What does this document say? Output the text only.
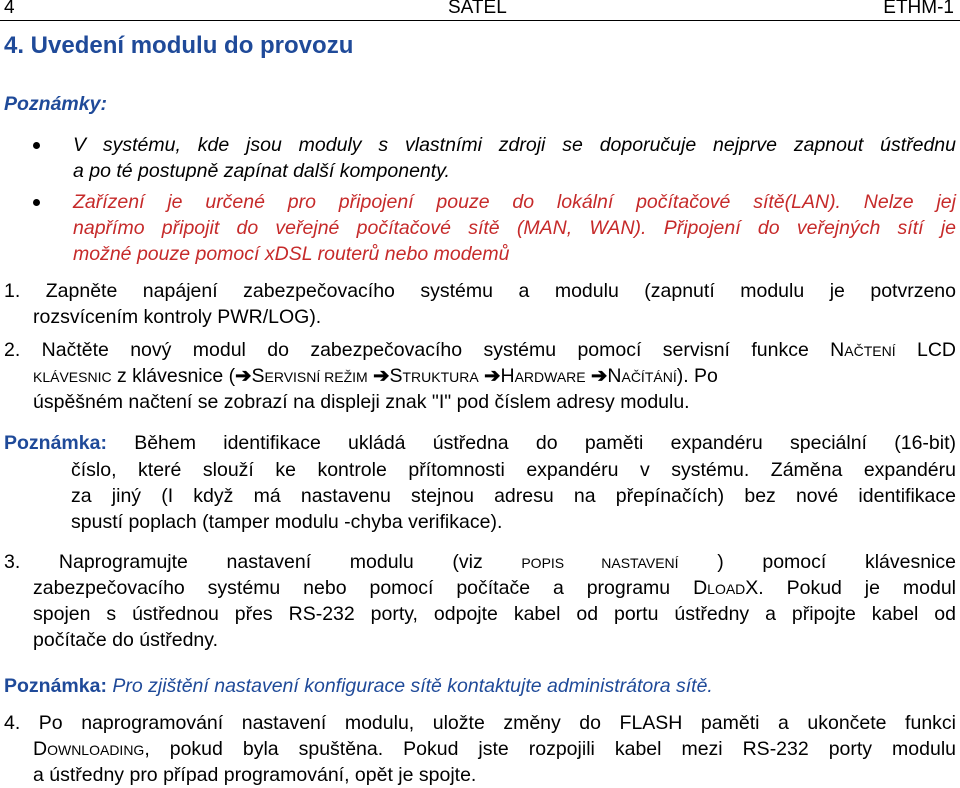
4	SATEL	ETHM-1
4. Uvedení modulu do provozu
Poznámky:
V systému, kde jsou moduly s vlastními zdroji se doporučuje nejprve zapnout ústřednu
a po té postupně zapínat další komponenty.
Zařízení je určené pro připojení pouze do lokální počítačové sítě(LAN). Nelze jej
napřímo připojit do veřejné počítačové sítě (MAN, WAN). Připojení do veřejných sítí je
možné pouze pomocí xDSL routerů nebo modemů
1. Zapněte napájení zabezpečovacího systému a modulu (zapnutí modulu je potvrzeno
rozsvícením kontroly PWR/LOG).
2. Načtěte nový modul do zabezpečovacího systému pomocí servisní funkce NAČTENÍ LCD
KLÁVESNIC z klávesnice (➔SERVISNÍ REŽIM ➔STRUKTURA ➔HARDWARE ➔NAČÍTÁNÍ). Po
úspěšném načtení se zobrazí na displeji znak "I" pod číslem adresy modulu.
Poznámka: Během identifikace ukládá ústředna do paměti expandéru speciální (16-bit)
číslo, které slouží ke kontrole přítomnosti expandéru v systému. Záměna expandéru
za jiný (I když má nastavenu stejnou adresu na přepínačích) bez nové identifikace
spustí poplach (tamper modulu -chyba verifikace).
3. Naprogramujte nastavení modulu (viz POPIS NASTAVENÍ ) pomocí klávesnice
zabezpečovacího systému nebo pomocí počítače a programu DLOADX. Pokud je modul
spojen s ústřednou přes RS-232 porty, odpojte kabel od portu ústředny a připojte kabel od
počítače do ústředny.
Poznámka: Pro zjištění nastavení konfigurace sítě kontaktujte administrátora sítě.
4. Po naprogramování nastavení modulu, uložte změny do FLASH paměti a ukončete funkci
DOWNLOADING, pokud byla spuštěna. Pokud jste rozpojili kabel mezi RS-232 porty modulu
a ústředny pro případ programování, opět je spojte.
